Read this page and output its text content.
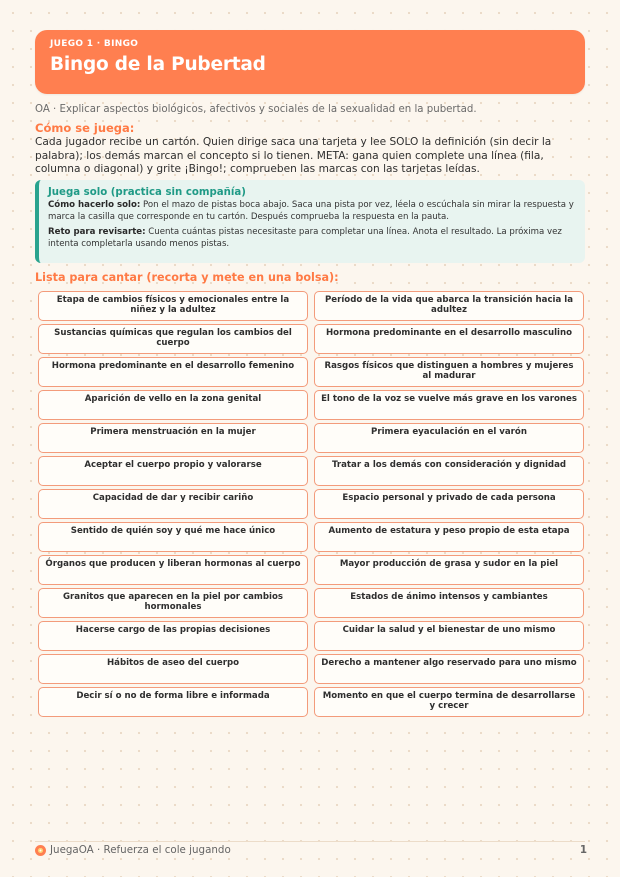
JUEGO 1 · BINGO
Bingo de la Pubertad
OA · Explicar aspectos biológicos, afectivos y sociales de la sexualidad en la pubertad.
Cómo se juega:
Cada jugador recibe un cartón. Quien dirige saca una tarjeta y lee SOLO la definición (sin decir la palabra); los demás marcan el concepto si lo tienen. META: gana quien complete una línea (fila, columna o diagonal) y grite ¡Bingo!; comprueben las marcas con las tarjetas leídas.
Juega solo (practica sin compañía)

Cómo hacerlo solo: Pon el mazo de pistas boca abajo. Saca una pista por vez, léela o escúchala sin mirar la respuesta y marca la casilla que corresponde en tu cartón. Después comprueba la respuesta en la pauta.

Reto para revisarte: Cuenta cuántas pistas necesitaste para completar una línea. Anota el resultado. La próxima vez intenta completarla usando menos pistas.

Lista para cantar (recorta y mete en una bolsa):
Etapa de cambios físicos y emocionales entre la niñez y la adultez
Período de la vida que abarca la transición hacia la adultez
Sustancias químicas que regulan los cambios del cuerpo
Hormona predominante en el desarrollo masculino
Hormona predominante en el desarrollo femenino	Rasgos físicos que distinguen a hombres y mujeres al madurar
Aparición de vello en la zona genital	El tono de la voz se vuelve más grave en los varones
Primera menstruación en la mujer	Primera eyaculación en el varón
Aceptar el cuerpo propio y valorarse	Tratar a los demás con consideración y dignidad
Capacidad de dar y recibir cariño	Espacio personal y privado de cada persona
Sentido de quién soy y qué me hace único	Aumento de estatura y peso propio de esta etapa
Órganos que producen y liberan hormonas al cuerpo	Mayor producción de grasa y sudor en la piel
Granitos que aparecen en la piel por cambios hormonales
Estados de ánimo intensos y cambiantes
Hacerse cargo de las propias decisiones	Cuidar la salud y el bienestar de uno mismo
Hábitos de aseo del cuerpo	Derecho a mantener algo reservado para uno mismo
Decir sí o no de forma libre e informada	Momento en que el cuerpo termina de desarrollarse y crecer
JuegaOA · Refuerza el cole jugando	1
